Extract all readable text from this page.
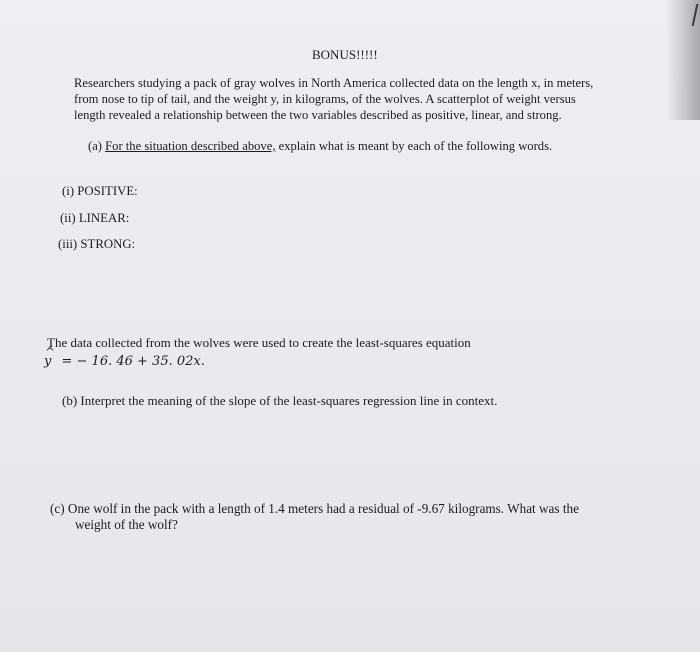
BONUS!!!!!
Researchers studying a pack of gray wolves in North America collected data on the length x, in meters,
from nose to tip of tail, and the weight y, in kilograms, of the wolves. A scatterplot of weight versus
length revealed a relationship between the two variables described as positive, linear, and strong.
(a) For the situation described above, explain what is meant by each of the following words.
(i) POSITIVE:
(ii) LINEAR:
(iii) STRONG:
The data collected from the wolves were used to create the least-squares equation
^ y = − 16. 46 + 35. 02x.
(b) Interpret the meaning of the slope of the least-squares regression line in context.
(c) One wolf in the pack with a length of 1.4 meters had a residual of -9.67 kilograms. What was the
weight of the wolf?
